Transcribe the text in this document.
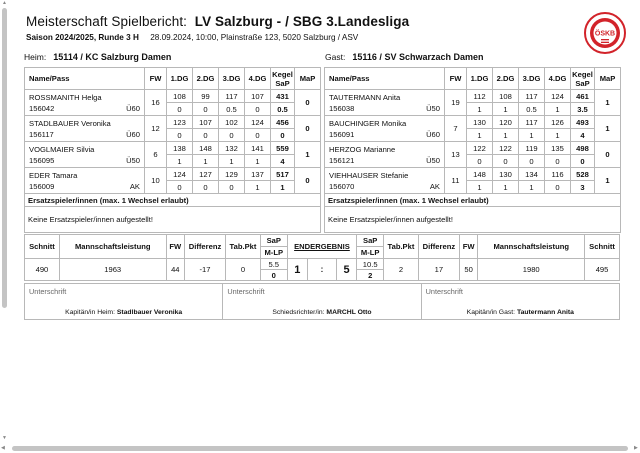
Meisterschaft Spielbericht: LV Salzburg - / SBG 3.Landesliga
Saison 2024/2025, Runde 3 H 28.09.2024, 10:00, Plainstraße 123, 5020 Salzburg / ASV	ÖSKB
Heim: 15114 / KC Salzburg Damen	Gast: 15116 / SV Schwarzach Damen
Name/Pass	FW	1.DG	2.DG	3.DG	4.DG	Kegel
SaP	MaP

ROSSMANITH Helga
156042 Ü60	16	108	99	117	107	431	0
		0	0	0.5	0	0.5	

STADLBAUER Veronika
156117 Ü60	12	123	107	102	124	456	0
		0	0	0	0	0	

VOGLMAIER Silvia
156095 Ü50	6	138	148	132	141	559	1
		1	1	1	1	4	

EDER Tamara
156009 AK	10	124	127	129	137	517	0
		0	0	0	1	1	
Ersatzspieler/innen (max. 1 Wechsel erlaubt)							
Keine Ersatzspieler/innen aufgestellt!							
Name/Pass	FW	1.DG	2.DG	3.DG	4.DG	Kegel
SaP	MaP

TAUTERMANN Anita
156038 Ü50	19	112	108	117	124	461	1
		1	1	0.5	1	3.5	

BAUCHINGER Monika
156091 Ü60	7	130	120	117	126	493	1
		1	1	1	1	4	

HERZOG Marianne
156121 Ü50	13	122	122	119	135	498	0
		0	0	0	0	0	

VIEHHAUSER Stefanie
156070 AK	11	148	130	134	116	528	1
		1	1	1	0	3	
Ersatzspieler/innen (max. 1 Wechsel erlaubt)							
Keine Ersatzspieler/innen aufgestellt!							
Schnitt	Mannschaftsleistung	FW	Differenz	Tab.Pkt	SaP	ENDERGEBNIS			SaP	Tab.Pkt	Differenz	FW	Mannschaftsleistung	Schnitt
					M-LP				M-LP					
490	1963	44	-17	0	5.5	1	:	5	10.5	2	17	50	1980	495
					0				2					
Unterschrift
Kapitän/in Heim: Stadlbauer Veronika
Unterschrift
Schiedsrichter/in: MARCHL Otto
Unterschrift
Kapitän/in Gast: Tautermann Anita
▲
▼
◀	▶
